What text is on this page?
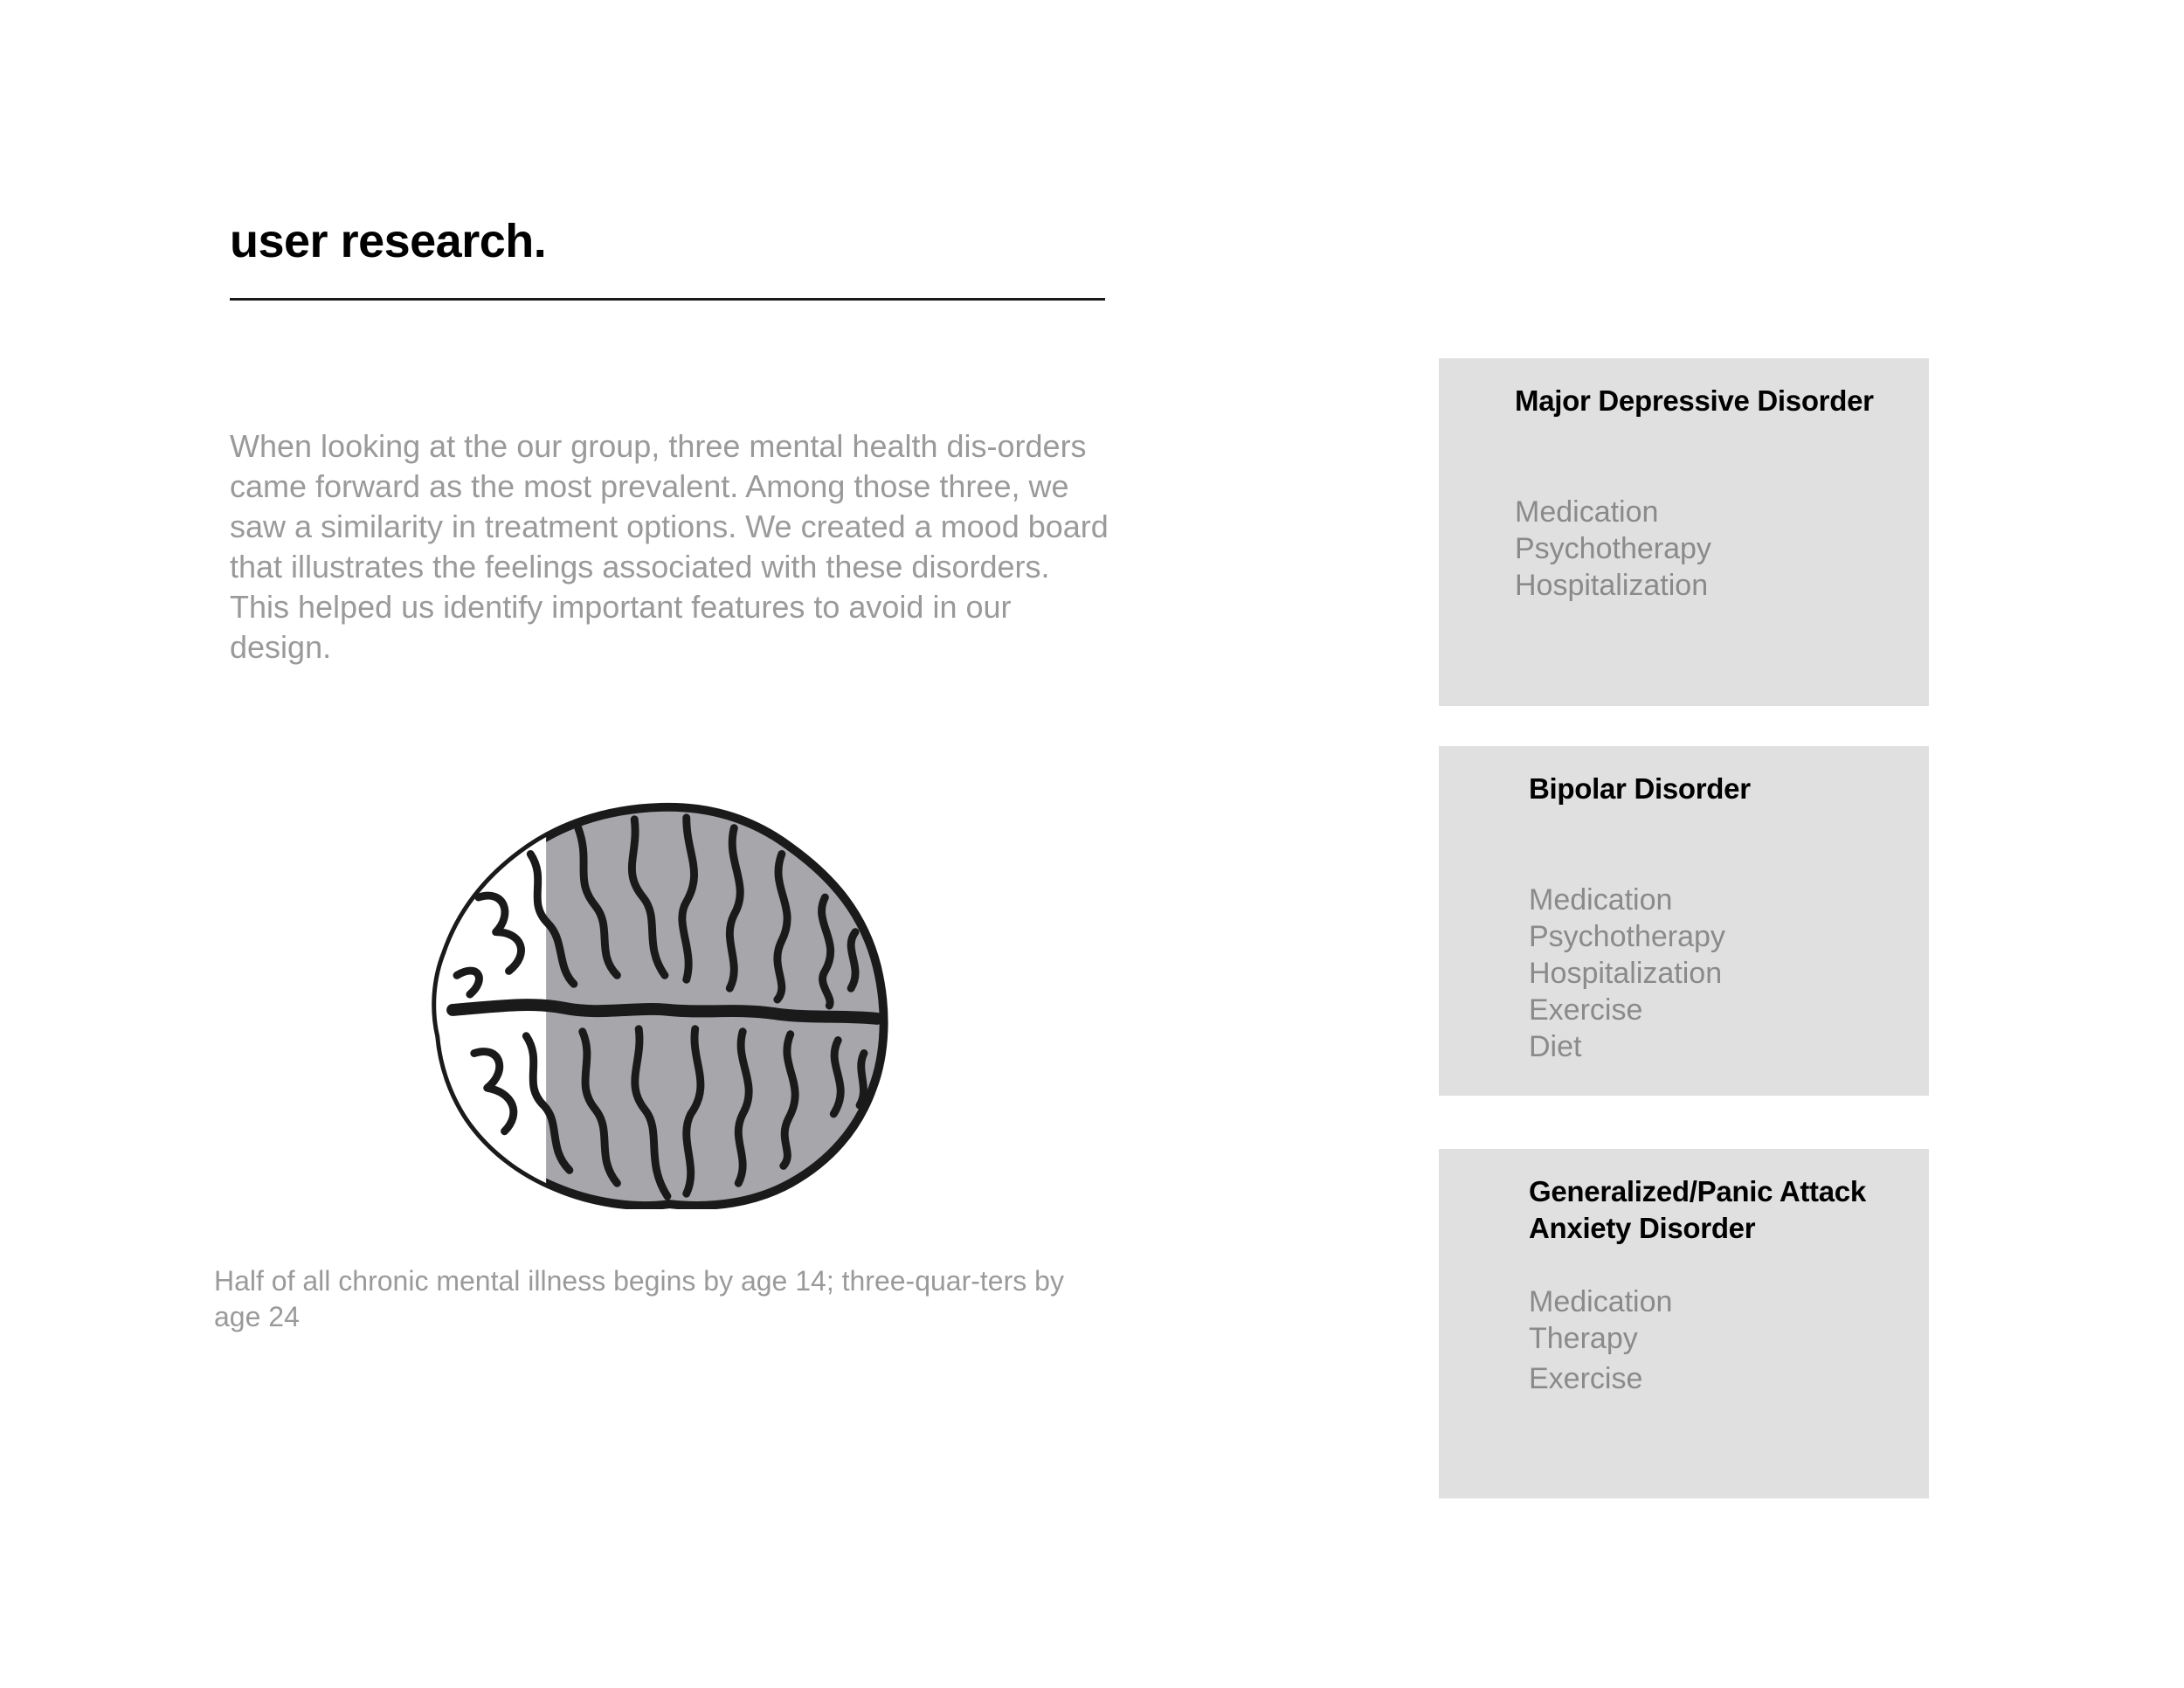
user research.

When looking at the our group, three mental health dis-orders came forward as the most prevalent. Among those three, we saw a similarity in treatment options. We created a mood board that illustrates the feelings associated with these disorders. This helped us identify important features to avoid in our design.

Half of all chronic mental illness begins by age 14; three-quar-ters by age 24

Major Depressive Disorder
Medication
Psychotherapy
Hospitalization
Bipolar Disorder
Medication
Psychotherapy
Hospitalization
Exercise
Diet
Generalized/Panic Attack Anxiety Disorder
Medication
Therapy
Exercise
